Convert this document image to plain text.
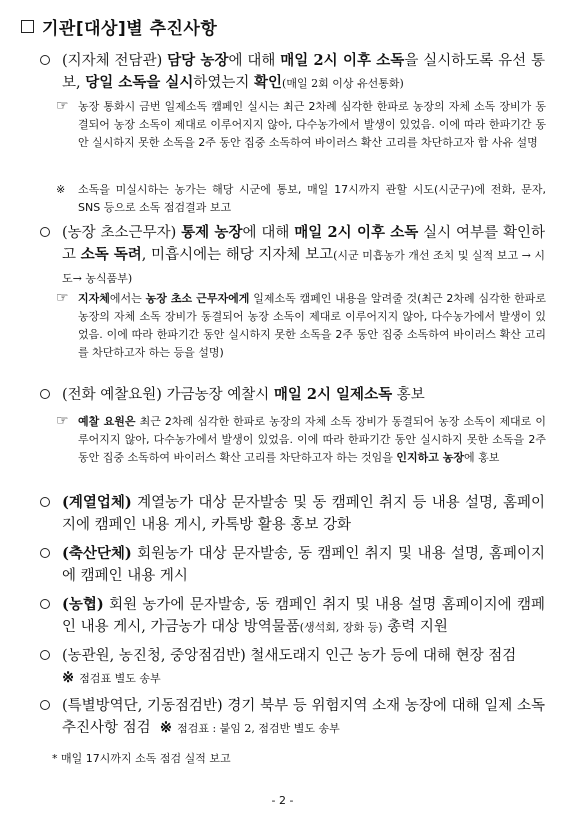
기관[대상]별 추진사항
(지자체 전담관) 담당 농장에 대해 매일 2시 이후 소독을 실시하도록 유선 통보, 당일 소독을 실시하였는지 확인(매일 2회 이상 유선통화)
☞ 농장 통화시 금번 일제소독 캠페인 실시는 최근 2차례 심각한 한파로 농장의 자체 소독 장비가 동결되어 농장 소독이 제대로 이루어지지 않아, 다수농가에서 발생이 있었음. 이에 따라 한파기간 동안 실시하지 못한 소독을 2주 동안 집중 소독하여 바이러스 확산 고리를 차단하고자 함 사유 설명
※ 소독을 미실시하는 농가는 해당 시군에 통보, 매일 17시까지 관할 시도(시군구)에 전화, 문자, SNS 등으로 소독 점검결과 보고
(농장 초소근무자) 통제 농장에 대해 매일 2시 이후 소독 실시 여부를 확인하고 소독 독려, 미흡시에는 해당 지자체 보고(시군 미흡농가 개선 조치 및 실적 보고 → 시도→ 농식품부)
☞ 지자체에서는 농장 초소 근무자에게 일제소독 캠페인 내용을 알려줄 것(최근 2차례 심각한 한파로 농장의 자체 소독 장비가 동결되어 농장 소독이 제대로 이루어지지 않아, 다수농가에서 발생이 있었음. 이에 따라 한파기간 동안 실시하지 못한 소독을 2주 동안 집중 소독하여 바이러스 확산 고리를 차단하고자 하는 등을 설명)
(전화 예찰요원) 가금농장 예찰시 매일 2시 일제소독 홍보
☞ 예찰 요원은 최근 2차례 심각한 한파로 농장의 자체 소독 장비가 동결되어 농장 소독이 제대로 이루어지지 않아, 다수농가에서 발생이 있었음. 이에 따라 한파기간 동안 실시하지 못한 소독을 2주 동안 집중 소독하여 바이러스 확산 고리를 차단하고자 하는 것임을 인지하고 농장에 홍보
(계열업체) 계열농가 대상 문자발송 및 동 캠페인 취지 등 내용 설명, 홈페이지에 캠페인 내용 게시, 카톡방 활용 홍보 강화
(축산단체) 회원농가 대상 문자발송, 동 캠페인 취지 및 내용 설명, 홈페이지에 캠페인 내용 게시
(농협) 회원 농가에 문자발송, 동 캠페인 취지 및 내용 설명 홈페이지에 캠페인 내용 게시, 가금농가 대상 방역물품(생석회, 장화 등) 총력 지원
(농관원, 농진청, 중앙점검반) 철새도래지 인근 농가 등에 대해 현장 점검
※ 점검표 별도 송부
(특별방역단, 기동점검반) 경기 북부 등 위험지역 소재 농장에 대해 일제 소독 추진사항 점검 ※ 점검표 : 붙임 2, 점검반 별도 송부
* 매일 17시까지 소독 점검 실적 보고
- 2 -
